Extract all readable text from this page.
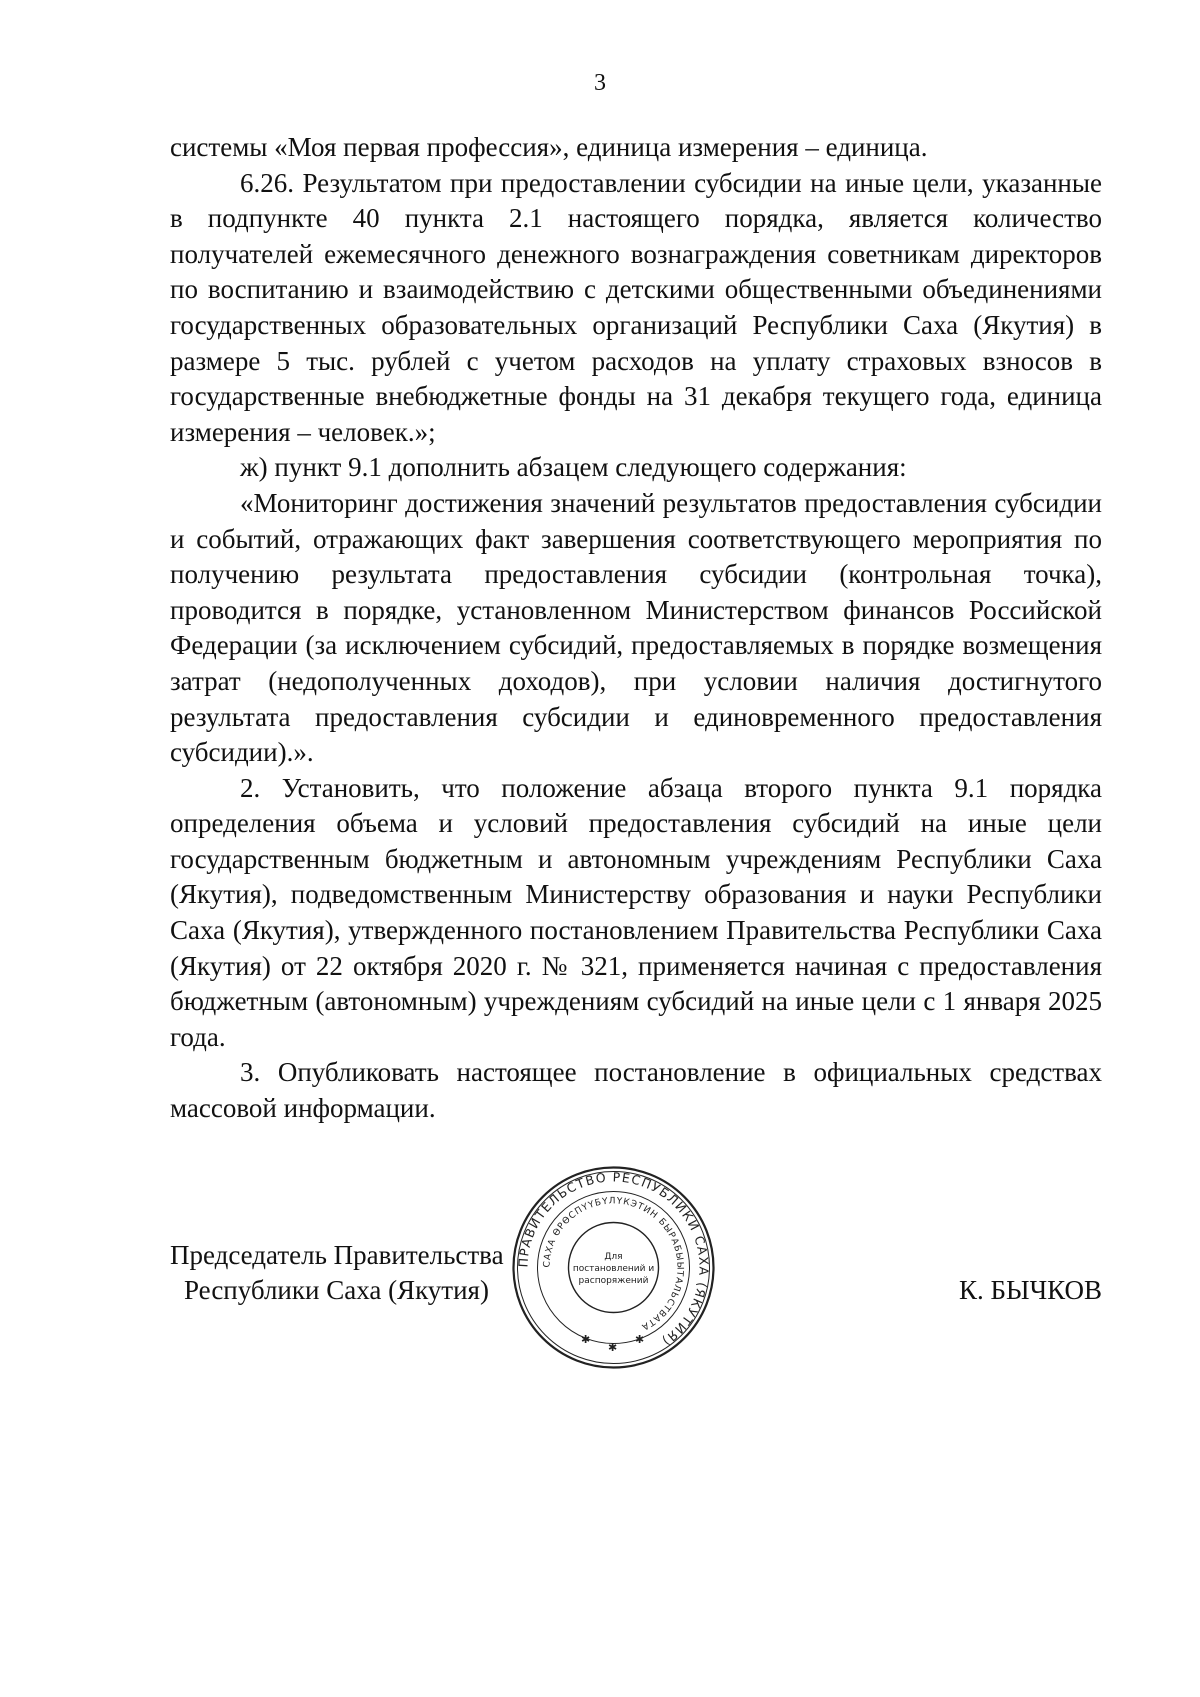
3

системы «Моя первая профессия», единица измерения – единица.

6.26. Результатом при предоставлении субсидии на иные цели, указанные в подпункте 40 пункта 2.1 настоящего порядка, является количество получателей ежемесячного денежного вознаграждения советникам директоров по воспитанию и взаимодействию с детскими общественными объединениями государственных образовательных организаций Республики Саха (Якутия) в размере 5 тыс. рублей с учетом расходов на уплату страховых взносов в государственные внебюджетные фонды на 31 декабря текущего года, единица измерения – человек.»;

ж) пункт 9.1 дополнить абзацем следующего содержания:

«Мониторинг достижения значений результатов предоставления субсидии и событий, отражающих факт завершения соответствующего мероприятия по получению результата предоставления субсидии (контрольная точка), проводится в порядке, установленном Министерством финансов Российской Федерации (за исключением субсидий, предоставляемых в порядке возмещения затрат (недополученных доходов), при условии наличия достигнутого результата предоставления субсидии и единовременного предоставления субсидии).».

2. Установить, что положение абзаца второго пункта 9.1 порядка определения объема и условий предоставления субсидий на иные цели государственным бюджетным и автономным учреждениям Республики Саха (Якутия), подведомственным Министерству образования и науки Республики Саха (Якутия), утвержденного постановлением Правительства Республики Саха (Якутия) от 22 октября 2020 г. № 321, применяется начиная с предоставления бюджетным (автономным) учреждениям субсидий на иные цели с 1 января 2025 года.

3. Опубликовать настоящее постановление в официальных средствах массовой информации.

ПРАВИТЕЛЬСТВО РЕСПУБЛИКИ САХА (ЯКУТИЯ)
САХА ӨРӨСПҮҮБҮЛҮКЭТИН БЫРАБЫЫТАЛЬСТВАТА
Для
постановлений и
распоряжений
✱
✱
✱
Председатель Правительства
Республики Саха (Якутия)	К. БЫЧКОВ
